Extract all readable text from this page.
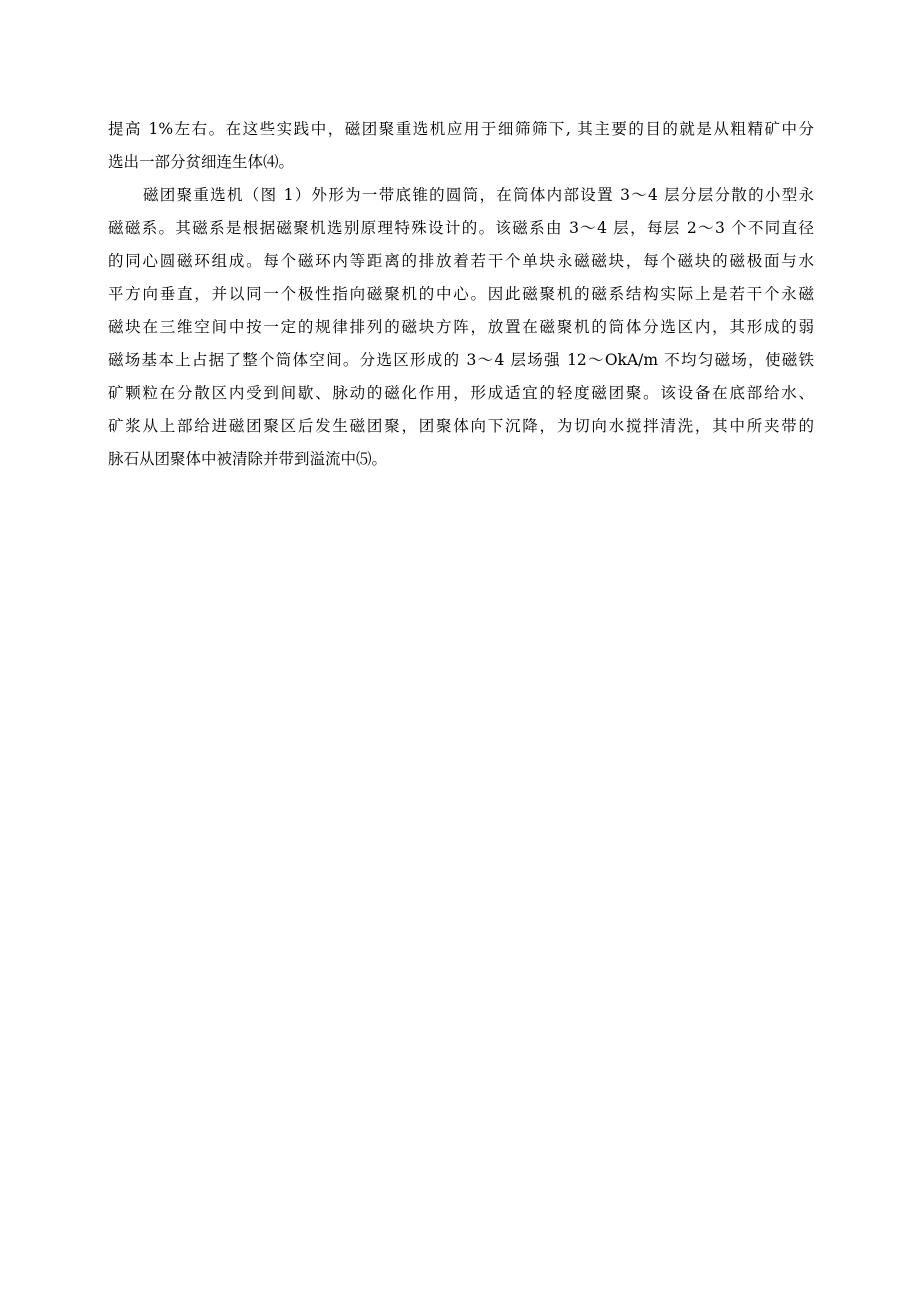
提高 1%左右。在这些实践中，磁团聚重选机应用于细筛筛下, 其主要的目的就是从粗精矿中分
选出一部分贫细连生体⑷。
磁团聚重选机（图 1）外形为一带底锥的圆筒，在筒体内部设置 3～4 层分层分散的小型永
磁磁系。其磁系是根据磁聚机选别原理特殊设计的。该磁系由 3～4 层，每层 2～3 个不同直径
的同心圆磁环组成。每个磁环内等距离的排放着若干个单块永磁磁块，每个磁块的磁极面与水
平方向垂直，并以同一个极性指向磁聚机的中心。因此磁聚机的磁系结构实际上是若干个永磁
磁块在三维空间中按一定的规律排列的磁块方阵，放置在磁聚机的筒体分选区内，其形成的弱
磁场基本上占据了整个筒体空间。分选区形成的 3～4 层场强 12～OkA/m 不均匀磁场，使磁铁
矿颗粒在分散区内受到间歇、脉动的磁化作用，形成适宜的轻度磁团聚。该设备在底部给水、
矿浆从上部给进磁团聚区后发生磁团聚，团聚体向下沉降，为切向水搅拌清洗，其中所夹带的
脉石从团聚体中被清除并带到溢流中⑸。
